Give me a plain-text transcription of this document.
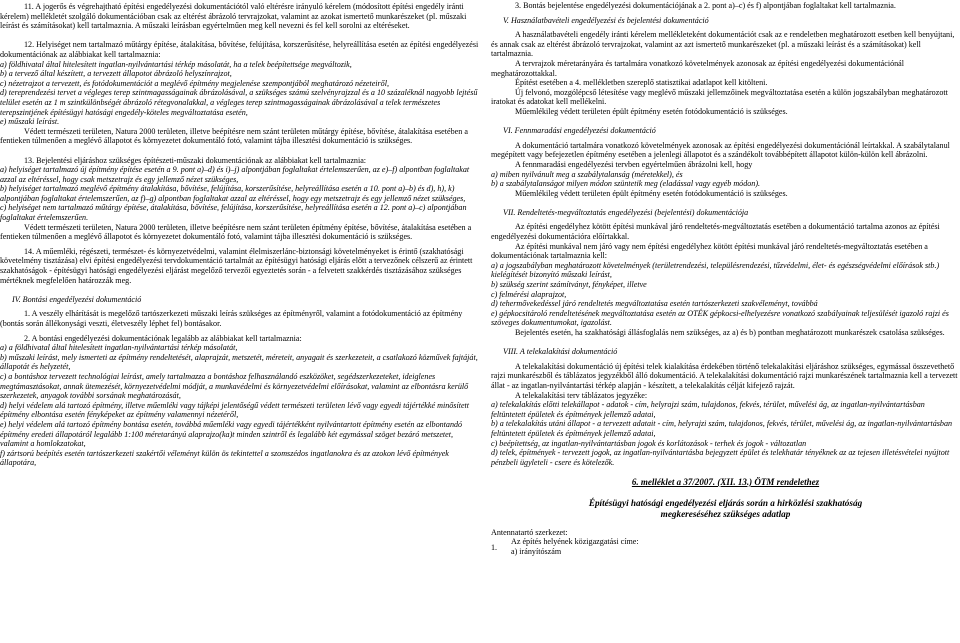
11. A jogerős és végrehajtható építési engedélyezési dokumentációtól való eltérésre irányuló kérelem (módosított építési engedély iránti kérelem) mellékletét szolgáló dokumentációban csak az eltérést ábrázoló tervrajzokat, valamint az azokat ismertető munkarészeket (pl. műszaki leírást és számításokat) kell tartalmaznia. A műszaki leírásban egyértelműen meg kell nevezni és fel kell sorolni az eltéréseket.

12. Helyiséget nem tartalmazó műtárgy építése, átalakítása, bővítése, felújítása, korszerűsítése, helyreállítása esetén az építési engedélyezési dokumentációnak az alábbiakat kell tartalmaznia:

a) földhivatal által hitelesített ingatlan-nyilvántartási térkép másolatát, ha a telek beépítettsége megváltozik,

b) a tervező által készített, a tervezett állapotot ábrázoló helyszínrajzot,

c) nézetrajzot a tervezett, és fotódokumentációt a meglévő építmény megjelenése szempontjából meghatározó nézeteiről,

d) tereprendezési tervet a végleges terep szintmagasságainak ábrázolásával, a szükséges számú szelvényrajzzal és a 10 százaléknál nagyobb lejtésű telület esetén az 1 m szintkülönbségét ábrázoló rétegvonalakkal, a végleges terep szintmagasságainak ábrázolásával a telek természetes terepszintjének építésügyi hatósági engedély-köteles megváltoztatása esetén,

e) műszaki leírást.

Védett természeti területen, Natura 2000 területen, illetve beépítésre nem szánt területen műtárgy építése, bővítése, átalakítása esetében a fentieken túlmenően a meglévő állapotot és környezetet dokumentáló fotó, valamint tájba illesztési dokumentáció is szükséges.

13. Bejelentési eljáráshoz szükséges építészeti-műszaki dokumentációnak az alábbiakat kell tartalmaznia:

a) helyiséget tartalmazó új építmény építése esetén a 9. pont a)–d) és i)–j) alpontjában foglaltakat értelemszerűen, az e)–f) alpontban foglaltakat azzal az eltéréssel, hogy csak metszetrajz és egy jellemző nézet szükséges,

b) helyiséget tartalmazó meglévő építmény átalakítása, bővítése, felújítása, korszerűsítése, helyreállítása esetén a 10. pont a)–b) és d), h), k) alpontjában foglaltakat értelemszerűen, az f)–g) alpontban foglaltakat azzal az eltéréssel, hogy egy metszetrajz és egy jellemző nézet szükséges,

c) helyiséget nem tartalmazó műtárgy építése, átalakítása, bővítése, felújítása, korszerűsítése, helyreállítása esetén a 12. pont a)–c) alpontjában foglaltakat értelemszerűen.

Védett természeti területen, Natura 2000 területen, illetve beépítésre nem szánt területen építmény építése, bővítése, átalakítása esetében a fentieken túlmenően a meglévő állapotot és környezetet dokumentáló fotó, valamint tájba illesztési dokumentáció is szükséges.

14. A műemléki, régészeti, természet- és környezetvédelmi, valamint élelmiszerlánc-biztonsági követelményeket is érintő (szakhatósági követelmény tisztázása) elvi építési engedélyezési tervdokumentáció tartalmát az építésügyi hatósági eljárás előtt a tervezőnek célszerű az érintett szakhatóságok - építésügyi hatósági engedélyezési eljárást megelőző tervezői egyeztetés során - a felvetett szakkérdés tisztázásához szükséges mértéknek megfelelően határozzák meg.

IV. Bontási engedélyezési dokumentáció

1. A veszély elhárítását is megelőző tartószerkezeti műszaki leírás szükséges az építményről, valamint a fotódokumentáció az építmény (bontás során állékonysági veszti, életveszély léphet fel) bontásakor.

2. A bontási engedélyezési dokumentációnak legalább az alábbiakat kell tartalmaznia:

a) a földhivatal által hitelesített ingatlan-nyilvántartási térkép másolatát,

b) műszaki leírást, mely ismerteti az építmény rendeltetését, alaprajzát, metszetét, méreteit, anyagait és szerkezeteit, a csatlakozó közművek fajtáját, állapotát és helyzetét,

c) a bontáshoz tervezett technológiai leírást, amely tartalmazza a bontáshoz felhasználandó eszközöket, segédszerkezeteket, ideiglenes megtámasztásokat, annak ütemezését, környezetvédelmi módját, a munkavédelmi és környezetvédelmi előírásokat, valamint az elbontásra kerülő szerkezetek, anyagok további sorsának meghatározását,

d) helyi védelem alá tartozó építmény, illetve műemléki vagy tájképi jelentőségű védett természeti területen lévő vagy egyedi tájértékké minősített építmény elbontása esetén fényképeket az építmény valamennyi nézetéről,

e) helyi védelem alá tartozó építmény bontása esetén, továbbá műemléki vagy egyedi tájértékként nyilvántartott építmény esetén az elbontandó építmény eredeti állapotáról legalább 1:100 méretarányú alaprajzo(ka)t minden szintről és legalább két egymással szöget bezáró metszetet, valamint a homlokzatokat,

f) zártsorú beépítés esetén tartószerkezeti szakértői véleményt külön ös tekintettel a szomszédos ingatlanokra és az azokon lévő építmények állapotára,

3. Bontás bejelentése engedélyezési dokumentációjának a 2. pont a)–c) és f) alpontjában foglaltakat kell tartalmaznia.

V. Használatbavételi engedélyezési és bejelentési dokumentáció

A használatbavételi engedély iránti kérelem mellékleteként dokumentációt csak az e rendeletben meghatározott esetben kell benyújtani, és annak csak az eltérést ábrázoló tervrajzokat, valamint az azt ismertető munkarészeket (pl. a műszaki leírást és a számításokat) kell tartalmaznia.

A tervrajzok méretarányára és tartalmára vonatkozó követelmények azonosak az építési engedélyezési dokumentációnál meghatározottakkal.

Építést esetében a 4. mellékletben szereplő statisztikai adatlapot kell kitölteni.

Új felvonó, mozgólépcső létesítése vagy meglévő műszaki jellemzőinek megváltoztatása esetén a külön jogszabályban meghatározott iratokat és adatokat kell mellékelni.

Műemlékileg védett területen épült építmény esetén fotódokumentáció is szükséges.

VI. Fennmaradási engedélyezési dokumentáció

A dokumentáció tartalmára vonatkozó követelmények azonosak az építési engedélyezési dokumentációnál leírtakkal. A szabálytalanul megépített vagy befejezetlen építmény esetében a jelenlegi állapotot és a szándékolt továbbépített állapotot külön-külön kell ábrázolni.

A fennmaradási engedélyezési tervben egyértelműen ábrázolni kell, hogy

a) miben nyilvánult meg a szabálytalanság (méretekkel), és

b) a szabálytalanságot milyen módon szüntetik meg (eladással vagy egyéb módon).

Műemlékileg védett területen épült építmény esetén fotódokumentáció is szükséges.

VII. Rendeltetés-megváltoztatás engedélyezési (bejelentési) dokumentációja

Az építési engedélyhez kötött építési munkával járó rendeltetés-megváltoztatás esetében a dokumentáció tartalma azonos az építési engedélyezési dokumentációra előírtakkal.

Az építési munkával nem járó vagy nem építési engedélyhez kötött építési munkával járó rendeltetés-megváltoztatás esetében a dokumentációnak tartalmaznia kell:

a) a jogszabályban meghatározott követelmények (területrendezési, településrendezési, tűzvédelmi, élet- és egészségvédelmi előírások stb.) kielégítését bizonyító műszaki leírást,

b) szükség szerint számítványt, fényképet, illetve

c) felmérési alaprajzot,

d) tehermővekedéssel járó rendeltetés megváltoztatása esetén tartószerkezeti szakvéleményt, továbbá

e) gépkocsitároló rendeltetésének megváltoztatása esetén az OTÉK gépkocsi-elhelyezésre vonatkozó szabályainak teljesülését igazoló rajzi és szöveges dokumentumokat, igazolást.

Bejelentés esetén, ha szakhatósági állásfoglalás nem szükséges, az a) és b) pontban meghatározott munkarészek csatolása szükséges.

VIII. A telekalakítási dokumentáció

A telekalakítási dokumentáció új építési telek kialakítása érdekében történő telekalakítási eljáráshoz szükséges, egymással összevethető rajzi munkarészből és táblázatos jegyzékből álló dokumentáció. A telekalakítási dokumentáció rajzi munkarészének tartalmaznia kell a tervezett állat - az ingatlan-nyilvántartási térkép alapján - készített, a telekalakítás célját kifejező rajzát.

A telekalakítási terv táblázatos jegyzéke:

a) telekalakítás előtti telekállapot - adatok - cím, helyrajzi szám, tulajdonos, fekvés, térület, művelési ág, az ingatlan-nyilvántartásban feltüntetett épületek és építmények jellemző adatai,

b) a telekalakítás utáni állapot - a tervezett adatait - cím, helyrajzi szám, tulajdonos, fekvés, térület, művelési ág, az ingatlan-nyilvántartásban feltüntetett épületek és építmények jellemző adatai,

c) beépítettség, az ingatlan-nyilvántartásban jogok és korlátozások - terhek és jogok - változatlan

d) telek, építmények - tervezett jogok, az ingatlan-nyilvántartásba bejegyzett épület és telekhatár tényéknek az az tejesen illetésvételei nyújtott pénzbeli ügyleteli - csere és kötelezők.

6. melléklet a 37/2007. (XII. 13.) ÖTM rendelethez

Építésügyi hatósági engedélyezési eljárás során a hirközlési szakhatóság

megkereséséhez szükséges adatlap

Antennatartó szerkezet:

1.

Az építés helyének közigazgatási címe:

a) irányítószám
